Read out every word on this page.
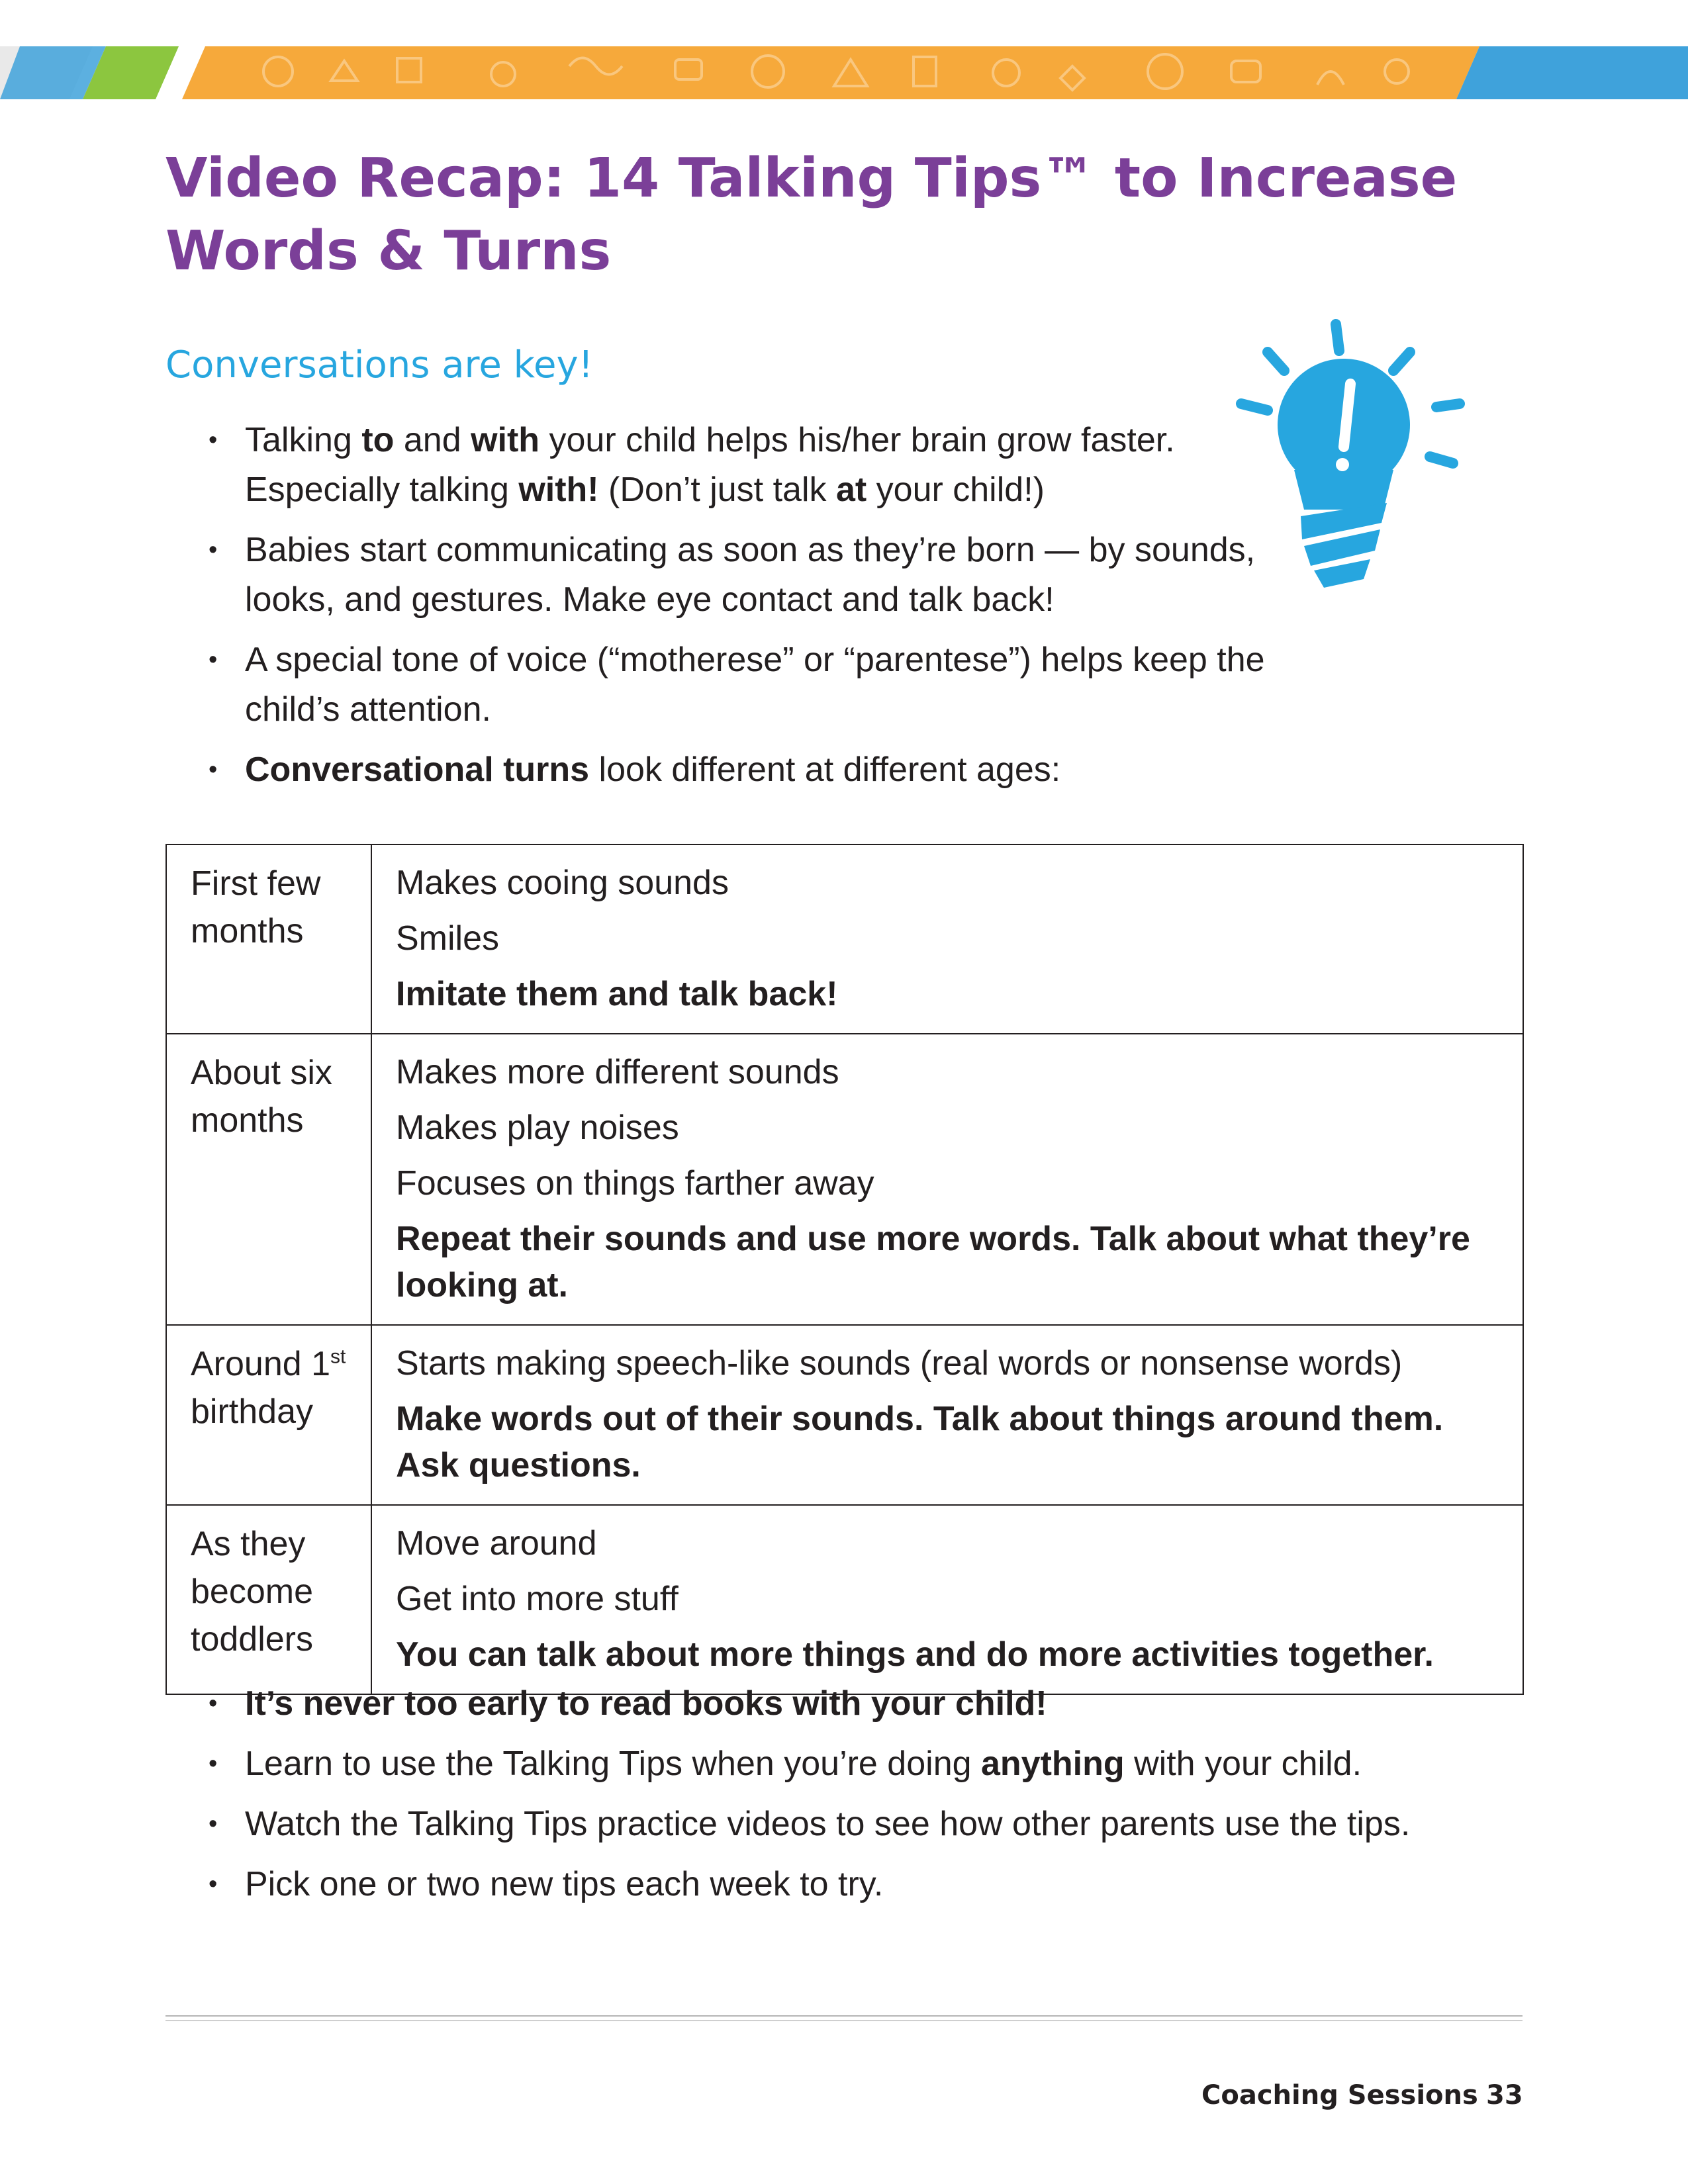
Video Recap: 14 Talking Tips™ to Increase
Words & Turns
Conversations are key!
• Talking to and with your child helps his/her brain grow faster. Especially talking with! (Don’t just talk at your child!)
• Babies start communicating as soon as they’re born — by sounds, looks, and gestures. Make eye contact and talk back!
• A special tone of voice (“motherese” or “parentese”) helps keep the child’s attention.
• Conversational turns look different at different ages:
First few
months	Makes cooing sounds
Smiles
Imitate them and talk back!

About six
months	Makes more different sounds
Makes play noises
Focuses on things farther away
Repeat their sounds and use more words. Talk about what they’re looking at.

Around 1st
birthday	Starts making speech-like sounds (real words or nonsense words)
Make words out of their sounds. Talk about things around them. Ask questions.

As they
become
toddlers	Move around
Get into more stuff
You can talk about more things and do more activities together.
• It’s never too early to read books with your child!
• Learn to use the Talking Tips when you’re doing anything with your child.
• Watch the Talking Tips practice videos to see how other parents use the tips.
• Pick one or two new tips each week to try.
Coaching Sessions 33
